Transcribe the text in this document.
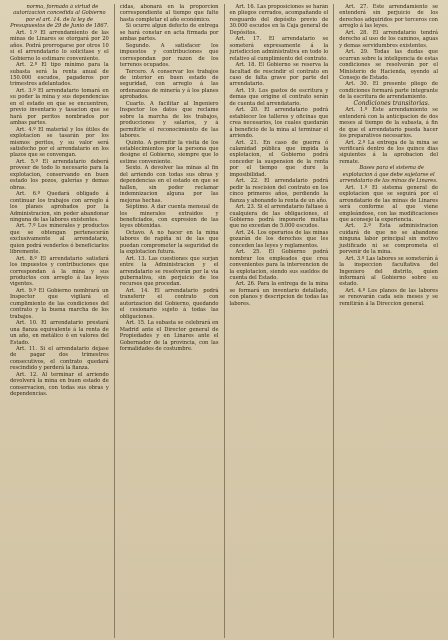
norma, formado á virtud de autorizacion concedida al Gobierno por el art. 14. de la ley de Presupuestos de 29 de Junio de 1867.

Art. 1.º El arrendamiento de las minas de Linares se otorgará por 20 años. Podrá prorrogarse por otros 10 si el arrendatario lo solicitase y el Gobierno lo estimare conveniente.

Art. 2.º El tipo mínimo para la subasta será la renta anual de 150.000 escudos, pagaderos por trimestres adelantados.

Art. 3.º El arrendatario tomará en su poder la mina y sus dependencias en el estado en que se encuentren, previo inventario y tasacion que se hará por peritos nombrados por ambas partes.

Art. 4.º El material y los útiles de explotacion se tasarán por los mismos peritos, y su valor será satisfecho por el arrendatario en los plazos que se convengan.

Art. 5.º El arrendatario deberá proveer de todo lo necesario para la explotacion, conservando en buen estado los pozos, galerías y demas obras.

Art. 6.º Quedará obligado á continuar los trabajos con arreglo á los planes aprobados por la Administracion, sin poder abandonar ninguna de las labores existentes.

Art. 7.º Los minerales y productos que se obtengan pertenecerán exclusivamente al arrendatario, quien podrá venderlos ó beneficiarlos libremente.

Art. 8.º El arrendatario satisfará los impuestos y contribuciones que correspondan á la mina y sus productos con arreglo á las leyes vigentes.

Art. 9.º El Gobierno nombrará un Inspector que vigilará el cumplimiento de las condiciones del contrato y la buena marcha de los trabajos.

Art. 10. El arrendatario prestará una fianza equivalente á la renta de un año, en metálico ó en valores del Estado.

Art. 11. Si el arrendatario dejase de pagar dos trimestres consecutivos, el contrato quedará rescindido y perderá la fianza.

Art. 12. Al terminar el arriendo devolverá la mina en buen estado de conservacion, con todas sus obras y dependencias.

cidas, abonará en la proporcion correspondiente al tiempo que falte hasta completar el año económico.

Si ocurre algun defecto de entrega se hará constar en acta firmada por ambas partes.

Segundo. A satisfacer los impuestos y contribuciones que correspondan por razon de los terrenos ocupados.

Tercero. A conservar los trabajos de interior en buen estado de seguridad, con arreglo á las ordenanzas de minería y á los planes aprobados.

Cuarto. A facilitar al Ingeniero Inspector los datos que reclame sobre la marcha de los trabajos, producciones y salarios, y á permitirle el reconocimiento de las labores.

Quinto. A permitir la visita de los establecimientos por la persona que designe el Gobierno, siempre que lo estime conveniente.

Sexto. A devolver las minas al fin del arriendo con todas sus obras y dependencias en el estado en que se hallen, sin poder reclamar indemnizacion alguna por las mejoras hechas.

Séptimo. A dar cuenta mensual de los minerales extraidos y beneficiados, con expresion de las leyes obtenidas.

Octavo. A no hacer en la mina labores de rapiña ni de las que puedan comprometer la seguridad de la explotacion futura.

Art. 13. Las cuestiones que surjan entre la Administracion y el arrendatario se resolverán por la via gubernativa, sin perjuicio de los recursos que procedan.

Art. 14. El arrendatario podrá transferir el contrato con autorizacion del Gobierno, quedando el cesionario sujeto á todas las obligaciones.

Art. 15. La subasta se celebrará en Madrid ante el Director general de Propiedades y en Linares ante el Gobernador de la provincia, con las formalidades de costumbre.

Art. 16. Las proposiciones se harán en pliegos cerrados, acompañando el resguardo del depósito previo de 30.000 escudos en la Caja general de Depósitos.

Art. 17. El arrendatario se someterá expresamente á la jurisdiccion administrativa en todo lo relativo al cumplimiento del contrato.

Art. 18. El Gobierno se reserva la facultad de rescindir el contrato en caso de falta grave por parte del arrendatario.

Art. 19. Los gastos de escritura y demas que origine el contrato serán de cuenta del arrendatario.

Art. 20. El arrendatario podrá establecer los talleres y oficinas que crea necesarios, los cuales quedarán á beneficio de la mina al terminar el arriendo.

Art. 21. En caso de guerra ó calamidad pública que impida la explotacion, el Gobierno podrá conceder la suspension de la renta por el tiempo que dure la imposibilidad.

Art. 22. El arrendatario podrá pedir la rescision del contrato en los cinco primeros años, perdiendo la fianza y abonando la renta de un año.

Art. 23. Si el arrendatario faltase á cualquiera de las obligaciones, el Gobierno podrá imponerle multas que no excedan de 5.000 escudos.

Art. 24. Los operarios de las minas gozarán de los derechos que les conceden las leyes y reglamentos.

Art. 25. El Gobierno podrá nombrar los empleados que crea convenientes para la intervencion de la explotacion, siendo sus sueldos de cuenta del Estado.

Art. 26. Para la entrega de la mina se formará un inventario detallado, con planos y descripcion de todas las labores.

Art. 27. Este arrendamiento se entenderá sin perjuicio de los derechos adquiridos por terceros con arreglo á las leyes.

Art. 28. El arrendatario tendrá derecho al uso de los caminos, aguas y demas servidumbres existentes.

Art. 29. Todas las dudas que ocurran sobre la inteligencia de estas condiciones se resolverán por el Ministerio de Hacienda, oyendo al Consejo de Estado.

Art. 30. El presente pliego de condiciones formará parte integrante de la escritura de arrendamiento.

Condiciones transitorias.

Art. 1.º Este arrendamiento se entenderá con la anticipacion de dos meses al tiempo de la subasta, á fin de que el arrendatario pueda hacer los preparativos necesarios.

Art. 2.º La entrega de la mina se verificará dentro de los quince dias siguientes á la aprobacion del remate.

Bases para el sistema de explotacion á que debe sujetarse el arrendatario de las minas de Linares.

Art. 1.º El sistema general de explotacion que se seguirá por el arrendatario de las minas de Linares será conforme al que viene empleándose, con las modificaciones que aconseje la experiencia.

Art. 2.º Esta administracion cuidará de que no se abandone ninguna labor principal sin motivo justificado ni se comprometa el porvenir de la mina.

Art. 3.º Las labores se someterán á la inspeccion facultativa del Ingeniero del distrito, quien informará al Gobierno sobre su estado.

Art. 4.º Los planos de las labores se renovarán cada seis meses y se remitirán á la Direccion general.
